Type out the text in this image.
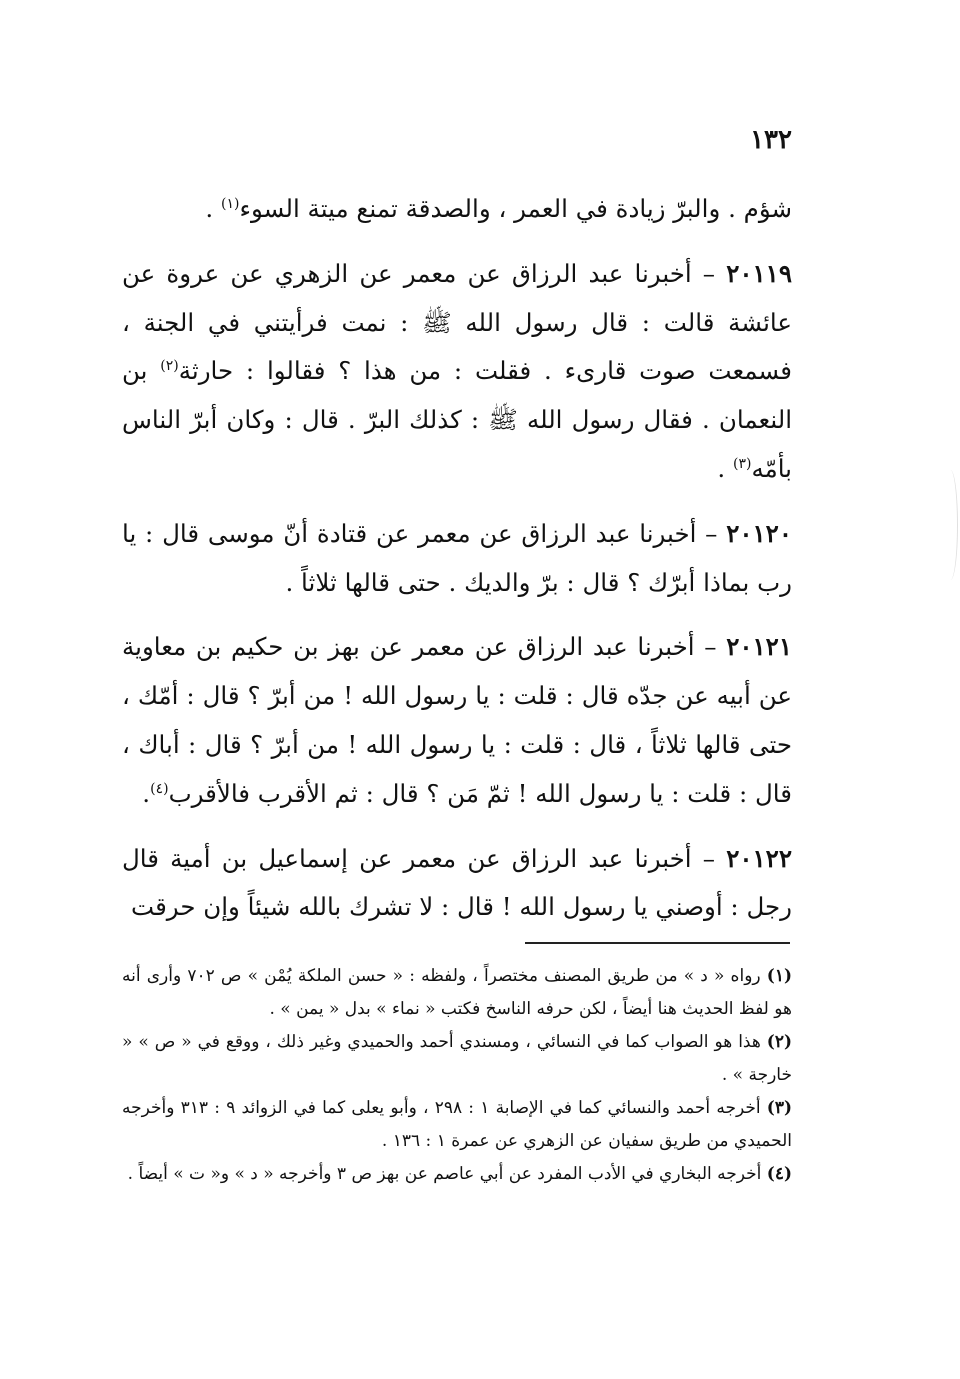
١٣٢

شؤم . والبرّ زيادة في العمر ، والصدقة تمنع ميتة السوء$^{(١)}$ .

٢٠١١٩ – أخبرنا عبد الرزاق عن معمر عن الزهري عن عروة عن عائشة قالت : قال رسول الله ﷺ : نمت فرأيتني في الجنة ، فسمعت صوت قارىء . فقلت : من هذا ؟ فقالوا : حارثة$^{(٢)}$ بن النعمان . فقال رسول الله ﷺ : كذلك البرّ . قال : وكان أبرّ الناس بأمّه$^{(٣)}$ .

٢٠١٢٠ – أخبرنا عبد الرزاق عن معمر عن قتادة أنّ موسى قال : يا رب بماذا أبرّك ؟ قال : برّ والديك . حتى قالها ثلاثاً .

٢٠١٢١ – أخبرنا عبد الرزاق عن معمر عن بهز بن حكيم بن معاوية عن أبيه عن جدّه قال : قلت : يا رسول الله ! من أبرّ ؟ قال : أمّك ، حتى قالها ثلاثاً ، قال : قلت : يا رسول الله ! من أبرّ ؟ قال : أباك ، قال : قلت : يا رسول الله ! ثمّ مَن ؟ قال : ثم الأقرب فالأقرب$^{(٤)}$.

٢٠١٢٢ – أخبرنا عبد الرزاق عن معمر عن إسماعيل بن أمية قال رجل : أوصني يا رسول الله ! قال : لا تشرك بالله شيئاً وإن حرقت

(١) رواه « د » من طريق المصنف مختصراً ، ولفظه : « حسن الملكة يُمْن » ص ٧٠٢ وأرى أنه هو لفظ الحديث هنا أيضاً ، لكن حرفه الناسخ فكتب « نماء » بدل « يمن » .

(٢) هذا هو الصواب كما في النسائي ، ومسندي أحمد والحميدي وغير ذلك ، ووقع في « ص » « خارجة » .

(٣) أخرجه أحمد والنسائي كما في الإصابة ١ : ٢٩٨ ، وأبو يعلى كما في الزوائد ٩ : ٣١٣ وأخرجه الحميدي من طريق سفيان عن الزهري عن عمرة ١ : ١٣٦ .

(٤) أخرجه البخاري في الأدب المفرد عن أبي عاصم عن بهز ص ٣ وأخرجه « د » و« ت » أيضاً .
